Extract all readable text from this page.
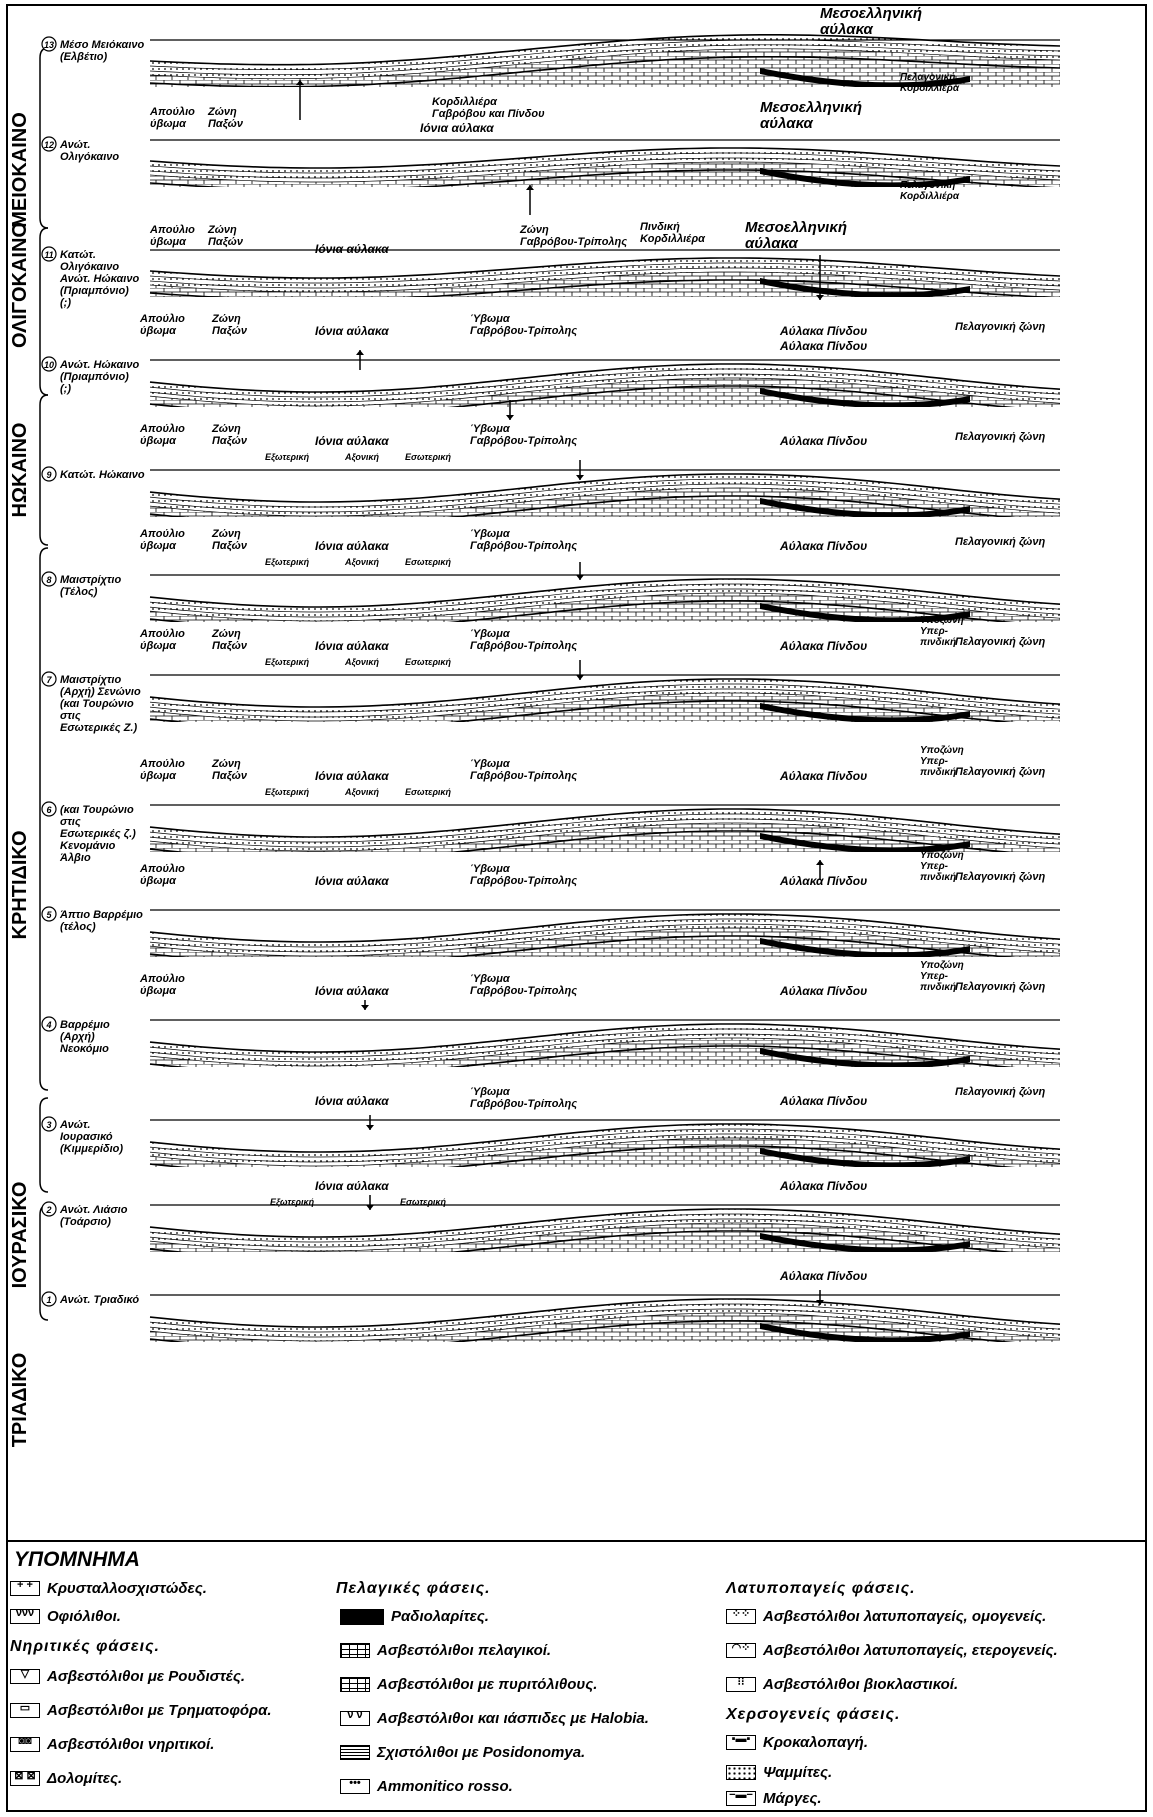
ΜΕΙΟΚΑΙΝΟ
ΟΛΙΓΟΚΑΙΝΟ
ΗΩΚΑΙΝΟ
ΚΡΗΤΙΔΙΚΟ
ΙΟΥΡΑΣΙΚΟ
ΤΡΙΑΔΙΚΟ
13 Μέσο Μειόκαινο (Ελβέτιο)
12 Ανώτ. Ολιγόκαινο
11 Κατώτ. Ολιγόκαινο Ανώτ. Ηώκαινο (Πριαμπόνιο) (;)
10 Ανώτ. Ηώκαινο (Πριαμπόνιο) (;)
9 Κατώτ. Ηώκαινο
8 Μαιστρίχτιο (Τέλος)
7 Μαιστρίχτιο (Αρχή) Σενώνιο (και Τουρώνιο στις Εσωτερικές Ζ.)
6 (και Τουρώνιο στις Εσωτερικές ζ.) Κενομάνιο Άλβιο
5 Άπτιο Βαρρέμιο (τέλος)
4 Βαρρέμιο (Αρχή) Νεοκόμιο
3 Ανώτ. Ιουρασικό (Κιμμερίδιο)
2 Ανώτ. Λιάσιο (Τοάρσιο)
1 Ανώτ. Τριαδικό
Μεσοελληνική αύλακα
Πελαγονική Κορδιλλιέρα
Απούλιο ύβωμα
Ζώνη Παξών	Ιόνια αύλακα
Κορδιλλιέρα Γαβρόβου και Πίνδου	Μεσοελληνική αύλακα
Πελαγονική Κορδιλλιέρα
Απούλιο ύβωμα
Ζώνη Παξών	Ιόνια αύλακα
Ζώνη Γαβρόβου-Τρίπολης
Πινδική Κορδιλλιέρα
Μεσοελληνική αύλακα
Αύλακα Πίνδου
Απούλιο ύβωμα
Ζώνη Παξών	Ιόνια αύλακα
Ύβωμα Γαβρόβου-Τρίπολης	Αύλακα Πίνδου	Πελαγονική ζώνη
Απούλιο ύβωμα
Ζώνη Παξών	Ιόνια αύλακα
Ύβωμα Γαβρόβου-Τρίπολης	Αύλακα Πίνδου	Πελαγονική ζώνη
Εξωτερική	Αξονική	Εσωτερική
Απούλιο ύβωμα
Ζώνη Παξών	Ιόνια αύλακα
Ύβωμα Γαβρόβου-Τρίπολης	Αύλακα Πίνδου	Πελαγονική ζώνη
Εξωτερική	Αξονική	Εσωτερική
Απούλιο ύβωμα
Ζώνη Παξών	Ιόνια αύλακα
Ύβωμα Γαβρόβου-Τρίπολης	Αύλακα Πίνδου	Πελαγονική ζώνη
Εξωτερική	Αξονική	Εσωτερική
Υποζώνη Υπερ-πινδική
Απούλιο ύβωμα
Ζώνη Παξών	Ιόνια αύλακα
Ύβωμα Γαβρόβου-Τρίπολης	Αύλακα Πίνδου	Πελαγονική ζώνη
Εξωτερική	Αξονική	Εσωτερική
Υποζώνη Υπερ-πινδική
Απούλιο ύβωμα	Ιόνια αύλακα
Ύβωμα Γαβρόβου-Τρίπολης	Αύλακα Πίνδου	Πελαγονική ζώνη
Υποζώνη Υπερ-πινδική
Απούλιο ύβωμα	Ιόνια αύλακα
Ύβωμα Γαβρόβου-Τρίπολης	Αύλακα Πίνδου	Πελαγονική ζώνη
Υποζώνη Υπερ-πινδική
Ιόνια αύλακα
Ύβωμα Γαβρόβου-Τρίπολης	Αύλακα Πίνδου
Πελαγονική ζώνη
Ιόνια αύλακα
Εξωτερική	Εσωτερική
Αύλακα Πίνδου
Αύλακα Πίνδου
ΥΠΟΜΝΗΜΑ
+ + Κρυσταλλοσχιστώδες.
ννν Οφιόλιθοι.
Νηριτικές φάσεις.
▽	Ασβεστόλιθοι με Ρουδιστές.
▭	Ασβεστόλιθοι με Τρηματοφόρα.
◙◙	Ασβεστόλιθοι νηριτικοί.
⊠ ⊠ Δολομίτες.
Πελαγικές φάσεις.
Ραδιολαρίτες.
Ασβεστόλιθοι πελαγικοί.
Ασβεστόλιθοι με πυριτόλιθους.
ν ν Ασβεστόλιθοι και ιάσπιδες με Halobia.
Σχιστόλιθοι με Posidonomya.
•••	Ammonitico rosso.
Λατυποπαγείς φάσεις.
⁘⁘ Ασβεστόλιθοι λατυποπαγείς, ομογενείς.
◠⁘ Ασβεστόλιθοι λατυποπαγείς, ετερογενείς.
⁝⁝	Ασβεστόλιθοι βιοκλαστικοί.
Χερσογενείς φάσεις.
▪▬▪ Κροκαλοπαγή.
Ψαμμίτες.
−▬− Μάργες.
